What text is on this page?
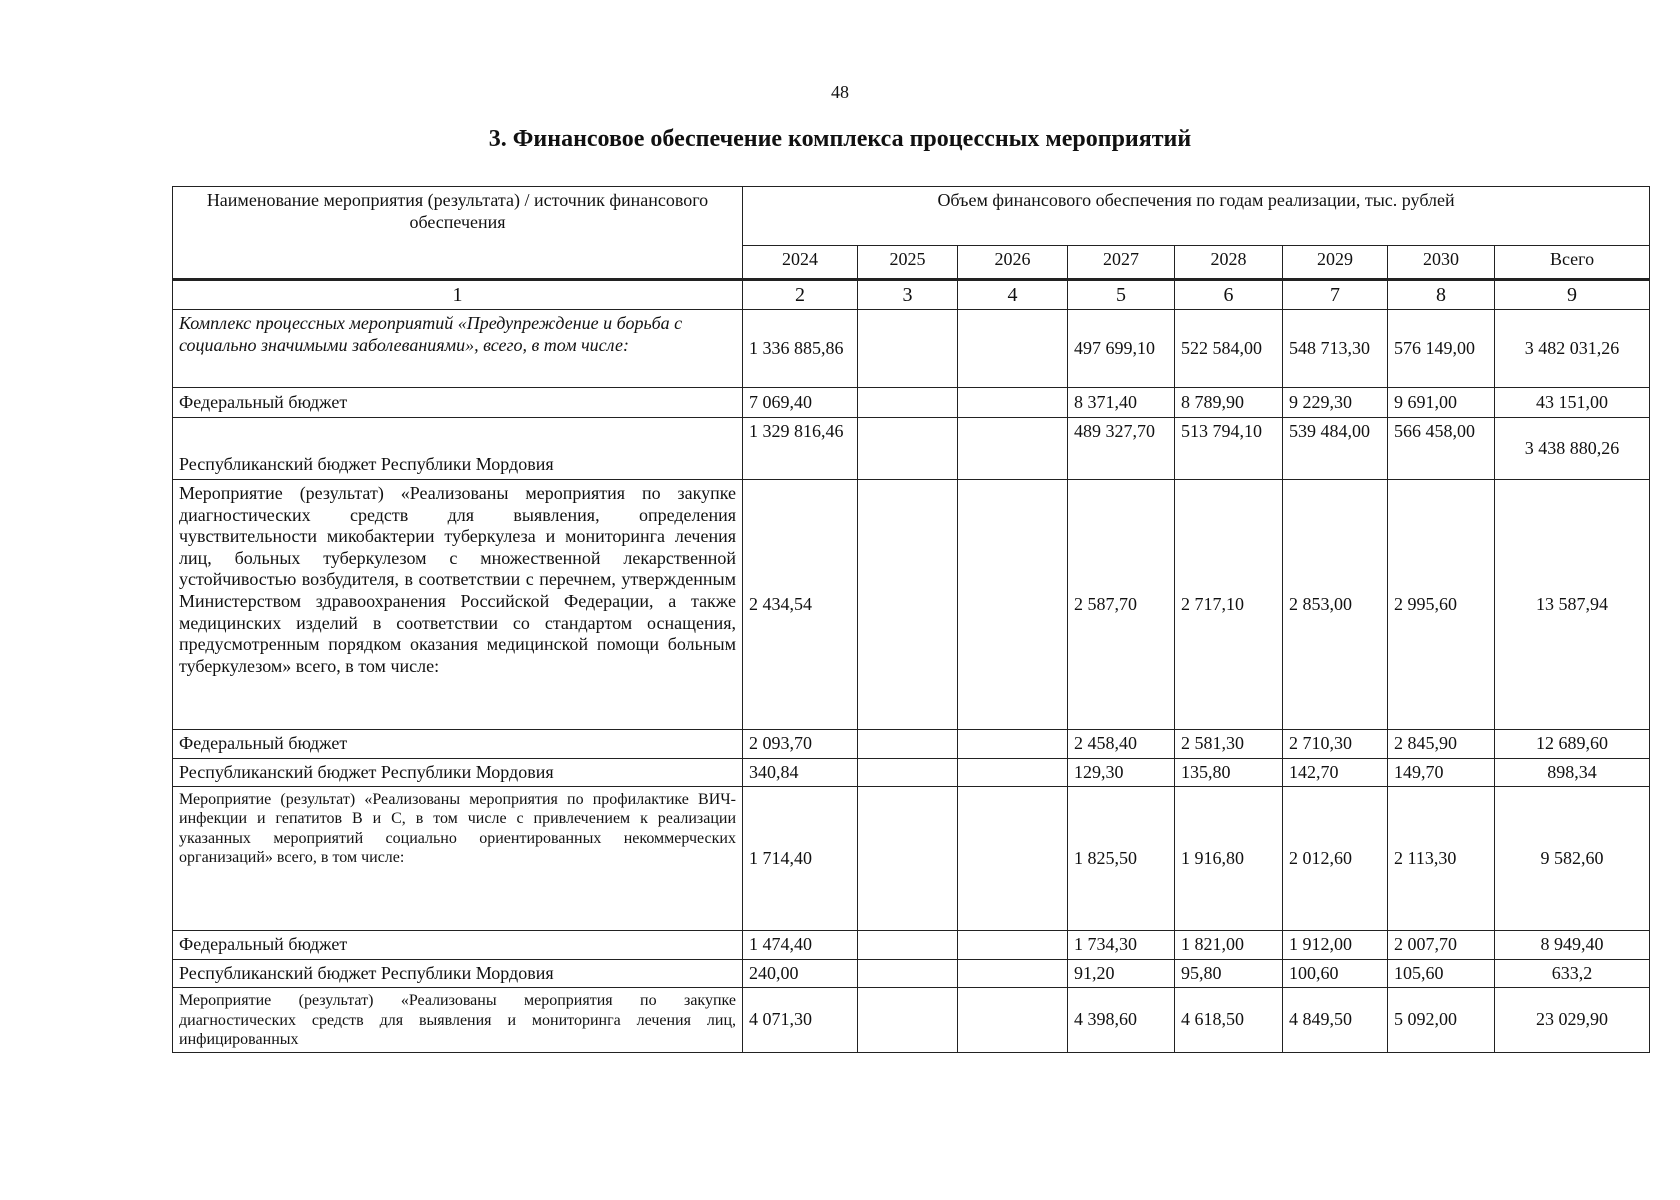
48
3. Финансовое обеспечение комплекса процессных мероприятий
Наименование мероприятия (результата) / источник финансового обеспечения	Объем финансового обеспечения по годам реализации, тыс. рублей							
	2024	2025	2026	2027	2028	2029	2030	Всего
1	2	3	4	5	6	7	8	9
Комплекс процессных мероприятий «Предупреждение и борьба с социально значимыми заболеваниями», всего, в том числе:	1 336 885,86			497 699,10	522 584,00	548 713,30	576 149,00	3 482 031,26
Федеральный бюджет	7 069,40			8 371,40	8 789,90	9 229,30	9 691,00	43 151,00
Республиканский бюджет Республики Мордовия	1 329 816,46			489 327,70	513 794,10	539 484,00	566 458,00	3 438 880,26
Мероприятие (результат) «Реализованы мероприятия по закупке диагностических средств для выявления, определения чувствительности микобактерии туберкулеза и мониторинга лечения лиц, больных туберкулезом с множественной лекарственной устойчивостью возбудителя, в соответствии с перечнем, утвержденным Министерством здравоохранения Российской Федерации, а также медицинских изделий в соответствии со стандартом оснащения, предусмотренным порядком оказания медицинской помощи больным туберкулезом» всего, в том числе:	2 434,54			2 587,70	2 717,10	2 853,00	2 995,60	13 587,94
Федеральный бюджет	2 093,70			2 458,40	2 581,30	2 710,30	2 845,90	12 689,60
Республиканский бюджет Республики Мордовия	340,84			129,30	135,80	142,70	149,70	898,34
Мероприятие (результат) «Реализованы мероприятия по профилактике ВИЧ-инфекции и гепатитов В и С, в том числе с привлечением к реализации указанных мероприятий социально ориентированных некоммерческих организаций» всего, в том числе:	1 714,40			1 825,50	1 916,80	2 012,60	2 113,30	9 582,60
Федеральный бюджет	1 474,40			1 734,30	1 821,00	1 912,00	2 007,70	8 949,40
Республиканский бюджет Республики Мордовия	240,00			91,20	95,80	100,60	105,60	633,2
Мероприятие (результат) «Реализованы мероприятия по закупке диагностических средств для выявления и мониторинга лечения лиц, инфицированных	4 071,30			4 398,60	4 618,50	4 849,50	5 092,00	23 029,90
